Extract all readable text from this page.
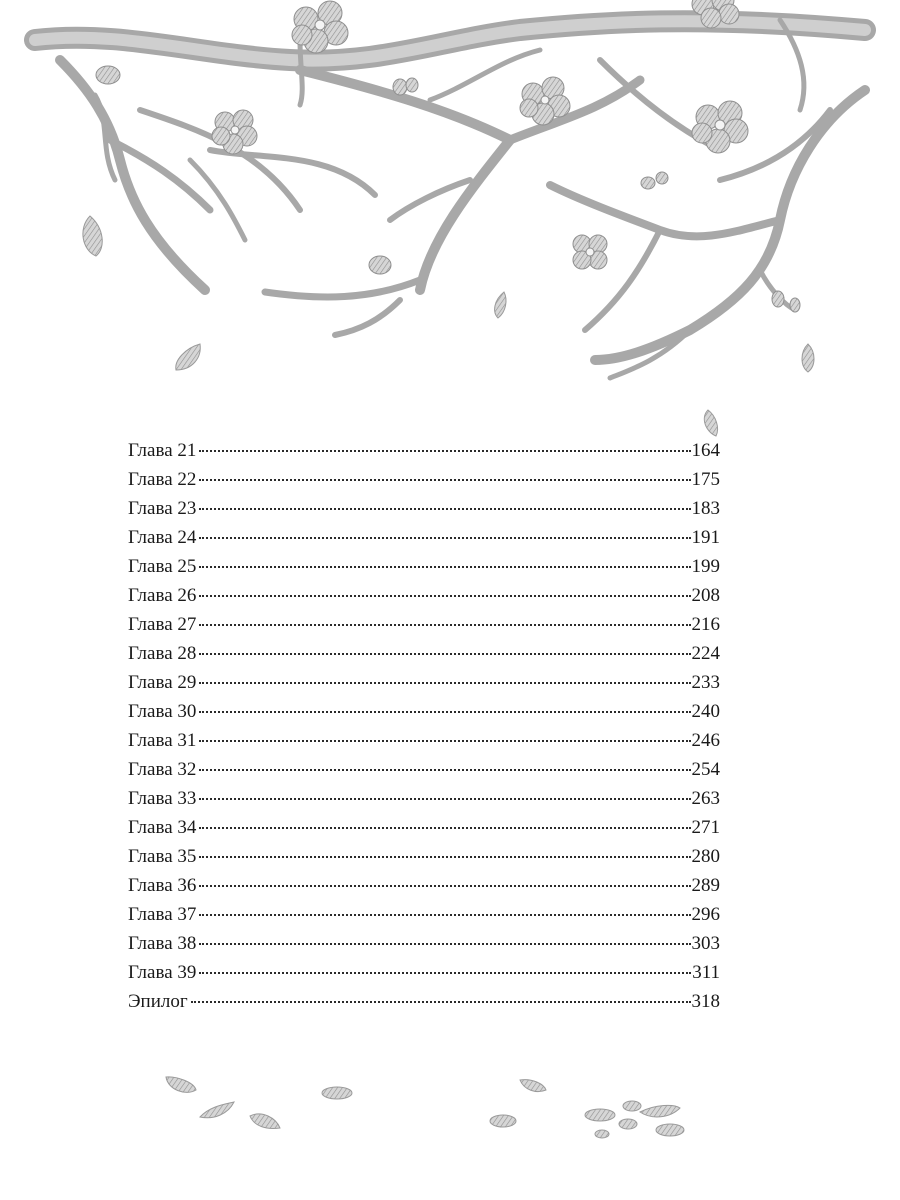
Глава 21	164
Глава 22	175
Глава 23	183
Глава 24	191
Глава 25	199
Глава 26	208
Глава 27	216
Глава 28	224
Глава 29	233
Глава 30	240
Глава 31	246
Глава 32	254
Глава 33	263
Глава 34	271
Глава 35	280
Глава 36	289
Глава 37	296
Глава 38	303
Глава 39	311
Эпилог	318
